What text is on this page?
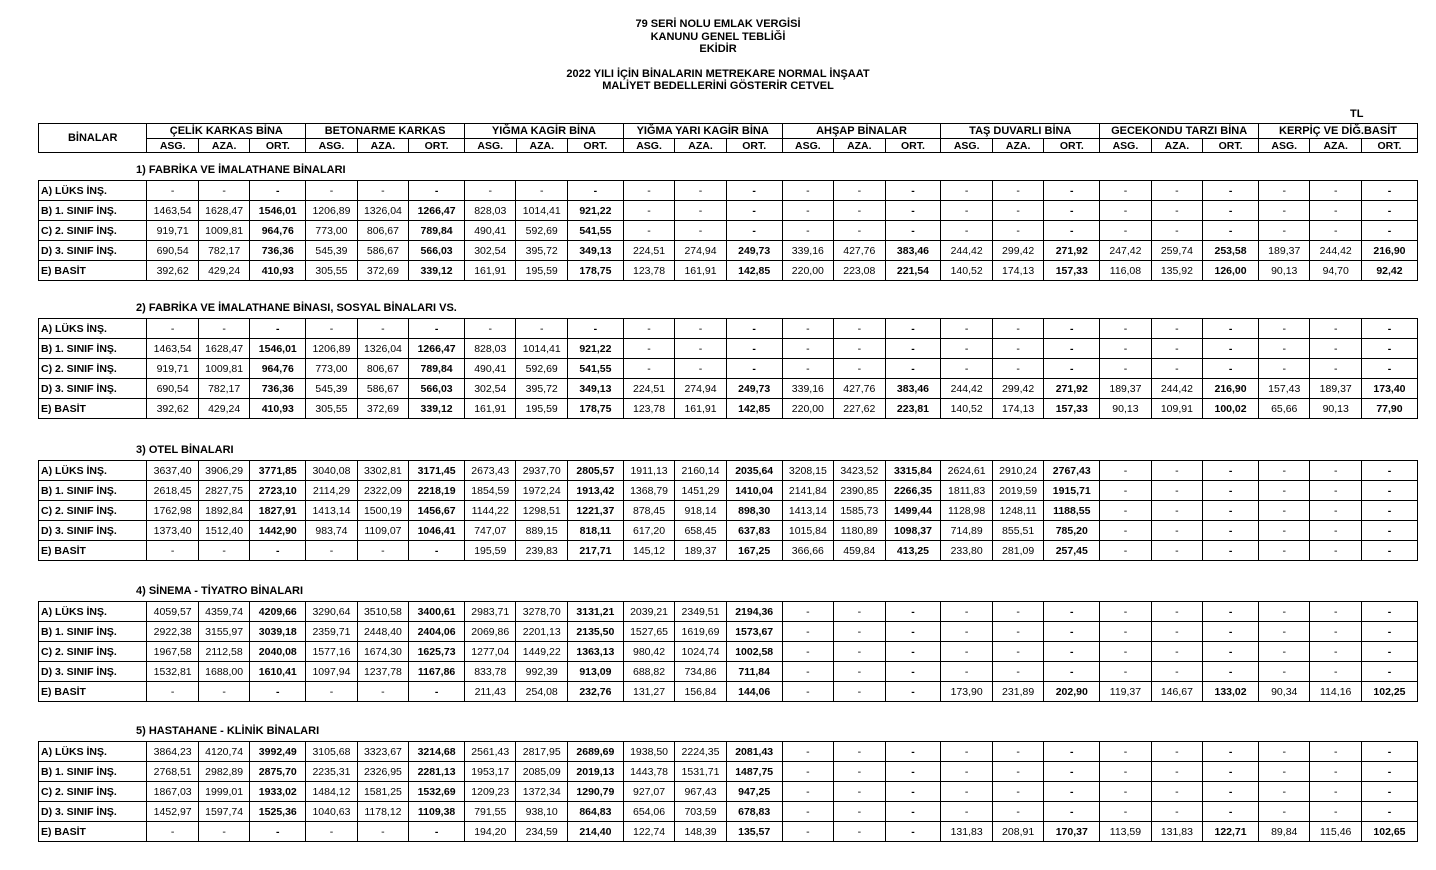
79 SERİ NOLU EMLAK VERGİSİ
KANUNU GENEL TEBLİĞİ
EKİDİR
2022 YILI İÇİN BİNALARIN METREKARE NORMAL İNŞAAT
MALİYET BEDELLERİNİ GÖSTERİR CETVEL
TL
BİNALAR	ÇELİK KARKAS BİNA			BETONARME KARKAS			YIĞMA KAGİR BİNA			YIĞMA YARI KAGİR BİNA			AHŞAP BİNALAR			TAŞ DUVARLI BİNA			GECEKONDU TARZI BİNA			KERPİÇ VE DİĞ.BASİT		
	ASG.	AZA.	ORT.	ASG.	AZA.	ORT.	ASG.	AZA.	ORT.	ASG.	AZA.	ORT.	ASG.	AZA.	ORT.	ASG.	AZA.	ORT.	ASG.	AZA.	ORT.	ASG.	AZA.	ORT.
1) FABRİKA VE İMALATHANE BİNALARI
A) LÜKS İNŞ.	-	-	-	-	-	-	-	-	-	-	-	-	-	-	-	-	-	-	-	-	-	-	-	-
B) 1. SINIF İNŞ.	1463,54	1628,47	1546,01	1206,89	1326,04	1266,47	828,03	1014,41	921,22	-	-	-	-	-	-	-	-	-	-	-	-	-	-	-
C) 2. SINIF İNŞ.	919,71	1009,81	964,76	773,00	806,67	789,84	490,41	592,69	541,55	-	-	-	-	-	-	-	-	-	-	-	-	-	-	-
D) 3. SINIF İNŞ.	690,54	782,17	736,36	545,39	586,67	566,03	302,54	395,72	349,13	224,51	274,94	249,73	339,16	427,76	383,46	244,42	299,42	271,92	247,42	259,74	253,58	189,37	244,42	216,90
E) BASİT	392,62	429,24	410,93	305,55	372,69	339,12	161,91	195,59	178,75	123,78	161,91	142,85	220,00	223,08	221,54	140,52	174,13	157,33	116,08	135,92	126,00	90,13	94,70	92,42
2) FABRİKA VE İMALATHANE BİNASI, SOSYAL BİNALARI VS.
A) LÜKS İNŞ.	-	-	-	-	-	-	-	-	-	-	-	-	-	-	-	-	-	-	-	-	-	-	-	-
B) 1. SINIF İNŞ.	1463,54	1628,47	1546,01	1206,89	1326,04	1266,47	828,03	1014,41	921,22	-	-	-	-	-	-	-	-	-	-	-	-	-	-	-
C) 2. SINIF İNŞ.	919,71	1009,81	964,76	773,00	806,67	789,84	490,41	592,69	541,55	-	-	-	-	-	-	-	-	-	-	-	-	-	-	-
D) 3. SINIF İNŞ.	690,54	782,17	736,36	545,39	586,67	566,03	302,54	395,72	349,13	224,51	274,94	249,73	339,16	427,76	383,46	244,42	299,42	271,92	189,37	244,42	216,90	157,43	189,37	173,40
E) BASİT	392,62	429,24	410,93	305,55	372,69	339,12	161,91	195,59	178,75	123,78	161,91	142,85	220,00	227,62	223,81	140,52	174,13	157,33	90,13	109,91	100,02	65,66	90,13	77,90
3) OTEL BİNALARI
A) LÜKS İNŞ.	3637,40	3906,29	3771,85	3040,08	3302,81	3171,45	2673,43	2937,70	2805,57	1911,13	2160,14	2035,64	3208,15	3423,52	3315,84	2624,61	2910,24	2767,43	-	-	-	-	-	-
B) 1. SINIF İNŞ.	2618,45	2827,75	2723,10	2114,29	2322,09	2218,19	1854,59	1972,24	1913,42	1368,79	1451,29	1410,04	2141,84	2390,85	2266,35	1811,83	2019,59	1915,71	-	-	-	-	-	-
C) 2. SINIF İNŞ.	1762,98	1892,84	1827,91	1413,14	1500,19	1456,67	1144,22	1298,51	1221,37	878,45	918,14	898,30	1413,14	1585,73	1499,44	1128,98	1248,11	1188,55	-	-	-	-	-	-
D) 3. SINIF İNŞ.	1373,40	1512,40	1442,90	983,74	1109,07	1046,41	747,07	889,15	818,11	617,20	658,45	637,83	1015,84	1180,89	1098,37	714,89	855,51	785,20	-	-	-	-	-	-
E) BASİT	-	-	-	-	-	-	195,59	239,83	217,71	145,12	189,37	167,25	366,66	459,84	413,25	233,80	281,09	257,45	-	-	-	-	-	-
4) SİNEMA - TİYATRO BİNALARI
A) LÜKS İNŞ.	4059,57	4359,74	4209,66	3290,64	3510,58	3400,61	2983,71	3278,70	3131,21	2039,21	2349,51	2194,36	-	-	-	-	-	-	-	-	-	-	-	-
B) 1. SINIF İNŞ.	2922,38	3155,97	3039,18	2359,71	2448,40	2404,06	2069,86	2201,13	2135,50	1527,65	1619,69	1573,67	-	-	-	-	-	-	-	-	-	-	-	-
C) 2. SINIF İNŞ.	1967,58	2112,58	2040,08	1577,16	1674,30	1625,73	1277,04	1449,22	1363,13	980,42	1024,74	1002,58	-	-	-	-	-	-	-	-	-	-	-	-
D) 3. SINIF İNŞ.	1532,81	1688,00	1610,41	1097,94	1237,78	1167,86	833,78	992,39	913,09	688,82	734,86	711,84	-	-	-	-	-	-	-	-	-	-	-	-
E) BASİT	-	-	-	-	-	-	211,43	254,08	232,76	131,27	156,84	144,06	-	-	-	173,90	231,89	202,90	119,37	146,67	133,02	90,34	114,16	102,25
5) HASTAHANE - KLİNİK BİNALARI
A) LÜKS İNŞ.	3864,23	4120,74	3992,49	3105,68	3323,67	3214,68	2561,43	2817,95	2689,69	1938,50	2224,35	2081,43	-	-	-	-	-	-	-	-	-	-	-	-
B) 1. SINIF İNŞ.	2768,51	2982,89	2875,70	2235,31	2326,95	2281,13	1953,17	2085,09	2019,13	1443,78	1531,71	1487,75	-	-	-	-	-	-	-	-	-	-	-	-
C) 2. SINIF İNŞ.	1867,03	1999,01	1933,02	1484,12	1581,25	1532,69	1209,23	1372,34	1290,79	927,07	967,43	947,25	-	-	-	-	-	-	-	-	-	-	-	-
D) 3. SINIF İNŞ.	1452,97	1597,74	1525,36	1040,63	1178,12	1109,38	791,55	938,10	864,83	654,06	703,59	678,83	-	-	-	-	-	-	-	-	-	-	-	-
E) BASİT	-	-	-	-	-	-	194,20	234,59	214,40	122,74	148,39	135,57	-	-	-	131,83	208,91	170,37	113,59	131,83	122,71	89,84	115,46	102,65
